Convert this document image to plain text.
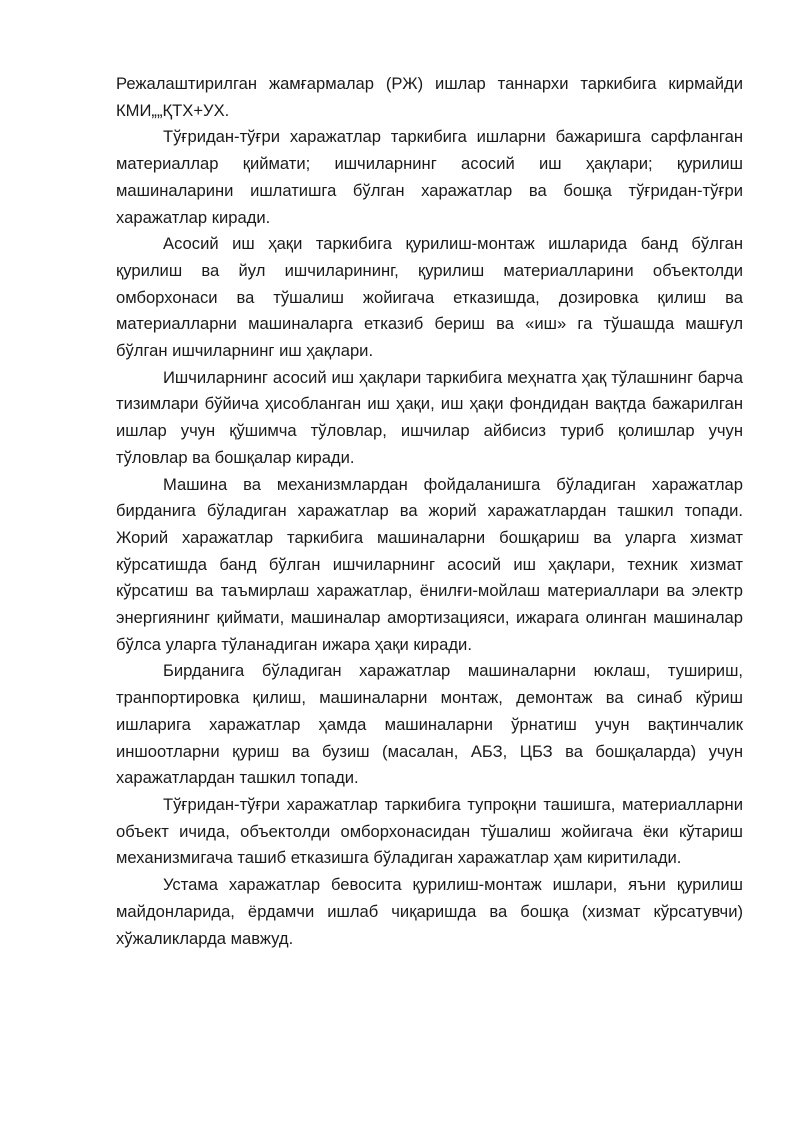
Режалаштирилган жамғармалар (РЖ) ишлар таннархи таркибига кирмайди КМИ„„ҚТХ+УХ.

Тўғридан-тўғри харажатлар таркибига ишларни бажаришга сарфланган материаллар қиймати; ишчиларнинг асосий иш ҳақлари; қурилиш машиналарини ишлатишга бўлган харажатлар ва бошқа тўғридан-тўғри харажатлар киради.

Асосий иш ҳақи таркибига қурилиш-монтаж ишларида банд бўлган қурилиш ва йул ишчиларининг, қурилиш материалларини объектолди омборхонаси ва тўшалиш жойигача етказишда, дозировка қилиш ва материалларни машиналарга етказиб бериш ва «иш» га тўшашда машғул бўлган ишчиларнинг иш ҳақлари.

Ишчиларнинг асосий иш ҳақлари таркибига меҳнатга ҳақ тўлашнинг барча тизимлари бўйича ҳисобланган иш ҳақи, иш ҳақи фондидан вақтда бажарилган ишлар учун қўшимча тўловлар, ишчилар айбисиз туриб қолишлар учун тўловлар ва бошқалар киради.

Машина ва механизмлардан фойдаланишга бўладиган харажатлар бирданига бўладиган харажатлар ва жорий харажатлардан ташкил топади. Жорий харажатлар таркибига машиналарни бошқариш ва уларга хизмат кўрсатишда банд бўлган ишчиларнинг асосий иш ҳақлари, техник хизмат кўрсатиш ва таъмирлаш харажатлар, ёнилғи-мойлаш материаллари ва электр энергиянинг қиймати, машиналар амортизацияси, ижарага олинган машиналар бўлса уларга тўланадиган ижара ҳақи киради.

Бирданига бўладиган харажатлар машиналарни юклаш, тушириш, транпортировка қилиш, машиналарни монтаж, демонтаж ва синаб кўриш ишларига харажатлар ҳамда машиналарни ўрнатиш учун вақтинчалик иншоотларни қуриш ва бузиш (масалан, АБЗ, ЦБЗ ва бошқаларда) учун харажатлардан ташкил топади.

Тўғридан-тўғри харажатлар таркибига тупроқни ташишга, материалларни объект ичида, объектолди омборхонасидан тўшалиш жойигача ёки кўтариш механизмигача ташиб етказишга бўладиган харажатлар ҳам киритилади.

Устама харажатлар бевосита қурилиш-монтаж ишлари, яъни қурилиш майдонларида, ёрдамчи ишлаб чиқаришда ва бошқа (хизмат кўрсатувчи) хўжаликларда мавжуд.
